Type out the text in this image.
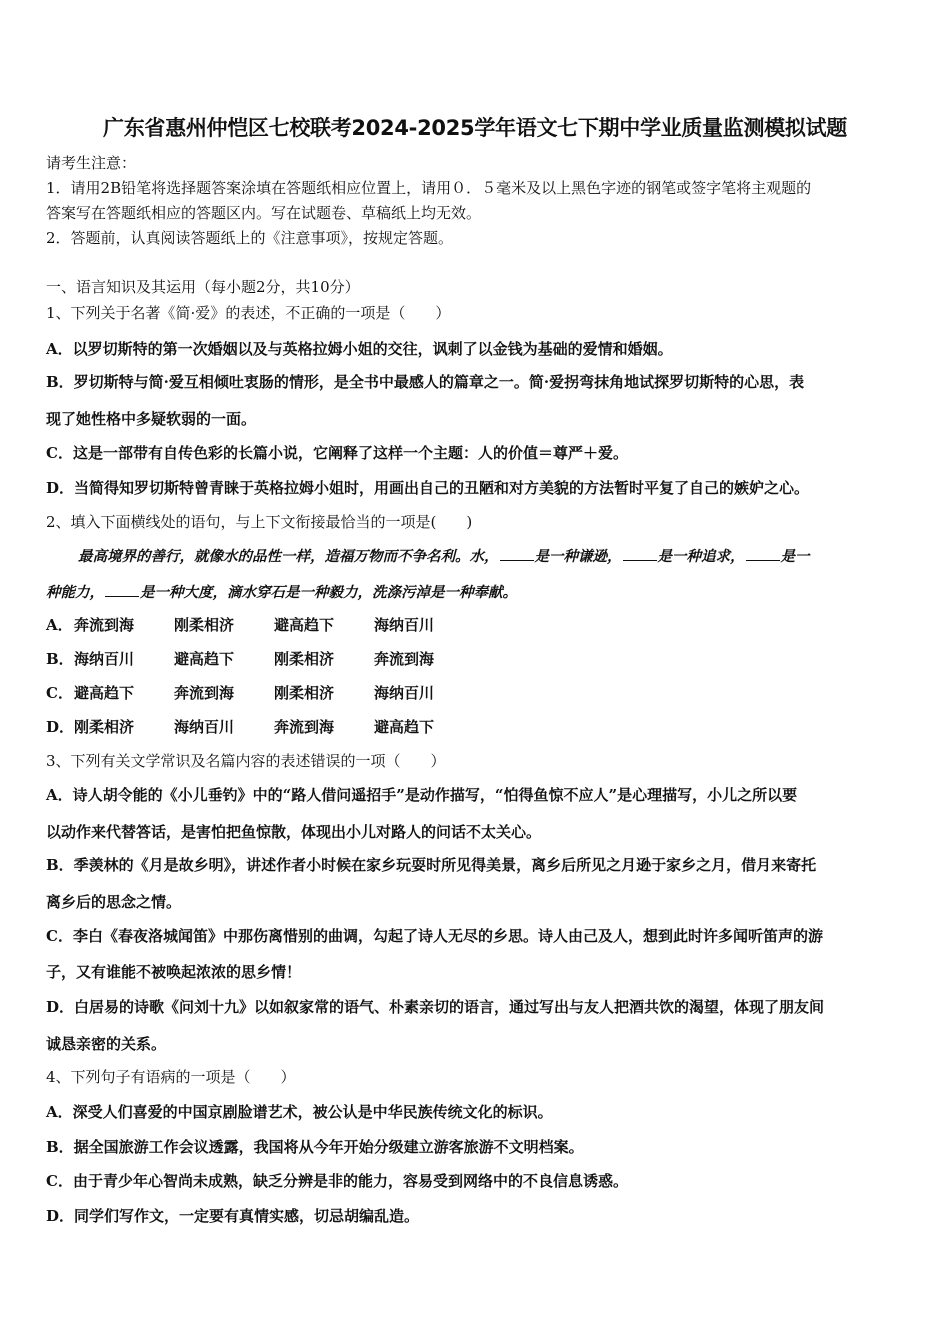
广东省惠州仲恺区七校联考2024-2025学年语文七下期中学业质量监测模拟试题
请考生注意：
1．请用2B铅笔将选择题答案涂填在答题纸相应位置上，请用０．５毫米及以上黑色字迹的钢笔或签字笔将主观题的
答案写在答题纸相应的答题区内。写在试题卷、草稿纸上均无效。
2．答题前，认真阅读答题纸上的《注意事项》，按规定答题。
一、语言知识及其运用（每小题2分，共10分）
1、下列关于名著《简·爱》的表述，不正确的一项是（　　）
A．以罗切斯特的第一次婚姻以及与英格拉姆小姐的交往，讽刺了以金钱为基础的爱情和婚姻。
B．罗切斯特与简·爱互相倾吐衷肠的情形，是全书中最感人的篇章之一。简·爱拐弯抹角地试探罗切斯特的心思，表
现了她性格中多疑软弱的一面。
C．这是一部带有自传色彩的长篇小说，它阐释了这样一个主题：人的价值＝尊严＋爱。
D．当简得知罗切斯特曾青睐于英格拉姆小姐时，用画出自己的丑陋和对方美貌的方法暂时平复了自己的嫉妒之心。
2、填入下面横线处的语句，与上下文衔接最恰当的一项是(　　)
最高境界的善行，就像水的品性一样，造福万物而不争名利。水， 是一种谦逊， 是一种追求， 是一
种能力， 是一种大度，滴水穿石是一种毅力，洗涤污淖是一种奉献。
A．奔流到海	刚柔相济	避高趋下	海纳百川
B．海纳百川	避高趋下	刚柔相济	奔流到海
C．避高趋下	奔流到海	刚柔相济	海纳百川
D．刚柔相济	海纳百川	奔流到海	避高趋下
3、下列有关文学常识及名篇内容的表述错误的一项（　　）
A．诗人胡令能的《小儿垂钓》中的“路人借问遥招手”是动作描写，“怕得鱼惊不应人”是心理描写，小儿之所以要
以动作来代替答话，是害怕把鱼惊散，体现出小儿对路人的问话不太关心。
B．季羡林的《月是故乡明》，讲述作者小时候在家乡玩耍时所见得美景，离乡后所见之月逊于家乡之月，借月来寄托
离乡后的思念之情。
C．李白《春夜洛城闻笛》中那伤离惜别的曲调，勾起了诗人无尽的乡思。诗人由己及人，想到此时许多闻听笛声的游
子，又有谁能不被唤起浓浓的思乡情！
D．白居易的诗歌《问刘十九》以如叙家常的语气、朴素亲切的语言，通过写出与友人把酒共饮的渴望，体现了朋友间
诚恳亲密的关系。
4、下列句子有语病的一项是（　　）
A．深受人们喜爱的中国京剧脸谱艺术，被公认是中华民族传统文化的标识。
B．据全国旅游工作会议透露，我国将从今年开始分级建立游客旅游不文明档案。
C．由于青少年心智尚未成熟，缺乏分辨是非的能力，容易受到网络中的不良信息诱惑。
D．同学们写作文，一定要有真情实感，切忌胡编乱造。
